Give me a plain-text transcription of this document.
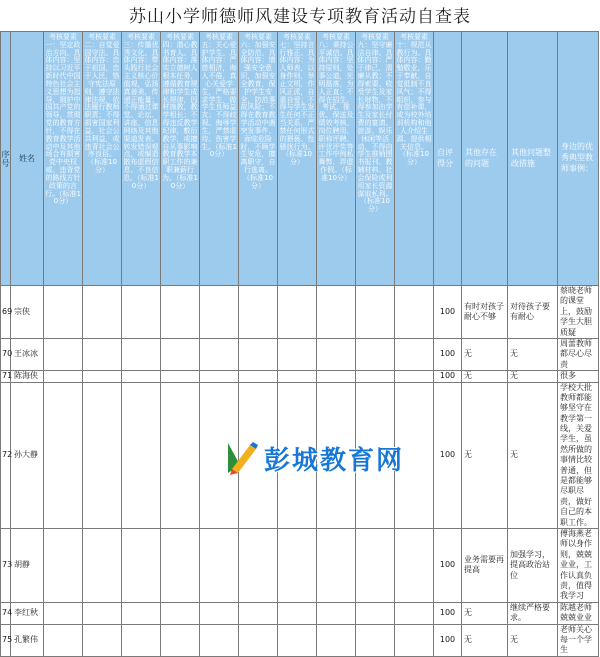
苏山小学师德师风建设专项教育活动自查表
序号	姓名	考核要素一：坚定政治方向。具体内容：坚持以习近平新时代中国特色社会主义思想为指导，拥护中国共产党的领导，贯彻党的教育方针，不得在教育教学活动中及其他场合有损害党中央权威、违背党的路线方针政策的言行。（标准10分）	考核要素二：自觉爱国守法。具体内容：忠于祖国，忠于人民，恪守宪法原则，遵守法律法规，依法履行教师职责；不得损害国家利益、社会公共利益，或违背社会公序良俗。（标准10分）	考核要素三：传播优秀文化。具体内容：带头践行社会主义核心价值观，弘扬真善美，传递正能量；不得通过课堂、论坛、讲座、信息网络及其他渠道发表、转发错误观点，或编造散布虚假信息、不良信息。（标准10分）	考核要素四：潜心教书育人。具体内容：落实立德树人根本任务，遵循教育规律和学生成长规律，因材施教，教学相长；不得违反教学纪律，敷衍教学，或擅自从事影响教育教学本职工作的兼职兼薪行为。（标准10分）	考核要素五：关心爱护学生。具体内容：严慈相济，诲人不倦，真心关爱学生，严格要求学生，做学生良师益友；不得歧视、侮辱学生，严禁虐待、伤害学生。（标准10分）	考核要素六：加强安全防范。具体内容：增强安全意识，加强安全教育，保护学生安全，防范事故风险；不得在教育教学活动中遇突发事件、面临危险时，不顾学生安危，擅离职守，自行逃离。（标准10分）	考核要素七：坚持言行雅正。具体内容：为人师表，以身作则，举止文明，作风正派，自重自爱；不得与学生发生任何不正当关系，严禁任何形式的猥亵、性骚扰行为。（标准10分）	考核要素八：秉持公平诚信。具体内容：坚持原则，处事公道，光明磊落，为人正直；不得在招生、考试、推优、保送及绩效考核、岗位聘用、职称评聘、评优评奖等工作中徇私舞弊、弄虚作假。（标准10分）	考核要素九：坚守廉洁自律。具体内容：严于律己，清廉从教；不得索要、收受学生及家长财物，不得参加由学生及家长付费的宴请、旅游、娱乐休闲等活动，不得向学生推销图书报刊、教辅材料、社会保险或利用家长资源谋取私利。（标准10分）	考核要素十：规范从教行为。具体内容：勤勉敬业，乐于奉献，自觉抵制不良风气；不得组织、参与有偿补课，或为校外培训机构和他人介绍生源、提供相关信息。（标准10分）	自评得分	其他存在的问题	其他问题整改措施	身边的优秀典型教师事例：
69	宗侠											100	有时对孩子耐心不够	对待孩子要有耐心	蔡晓老师的课堂上，鼓励学生大胆质疑
70	王冰冰											100	无	无	周蕾教师都尽心尽责
71	陈海侠											100	无	无	很多
72	孙大静											100	无	无	学校大批教师都能够坚守在教学第一线，关爱学生，虽然所做的事情比较普通，但是都能够尽职尽责，做好自己的本职工作。
73	胡静											100	业务需要再提高	加强学习，提高政治站位	傅海燕老师以身作则，兢兢业业，工作认真负责，值得我学习
74	李红秋											100	无	继续严格要求。	陈越老师兢兢业业
75	孔繁伟											100	无	无	老师关心每一个学生
彭城教育网
